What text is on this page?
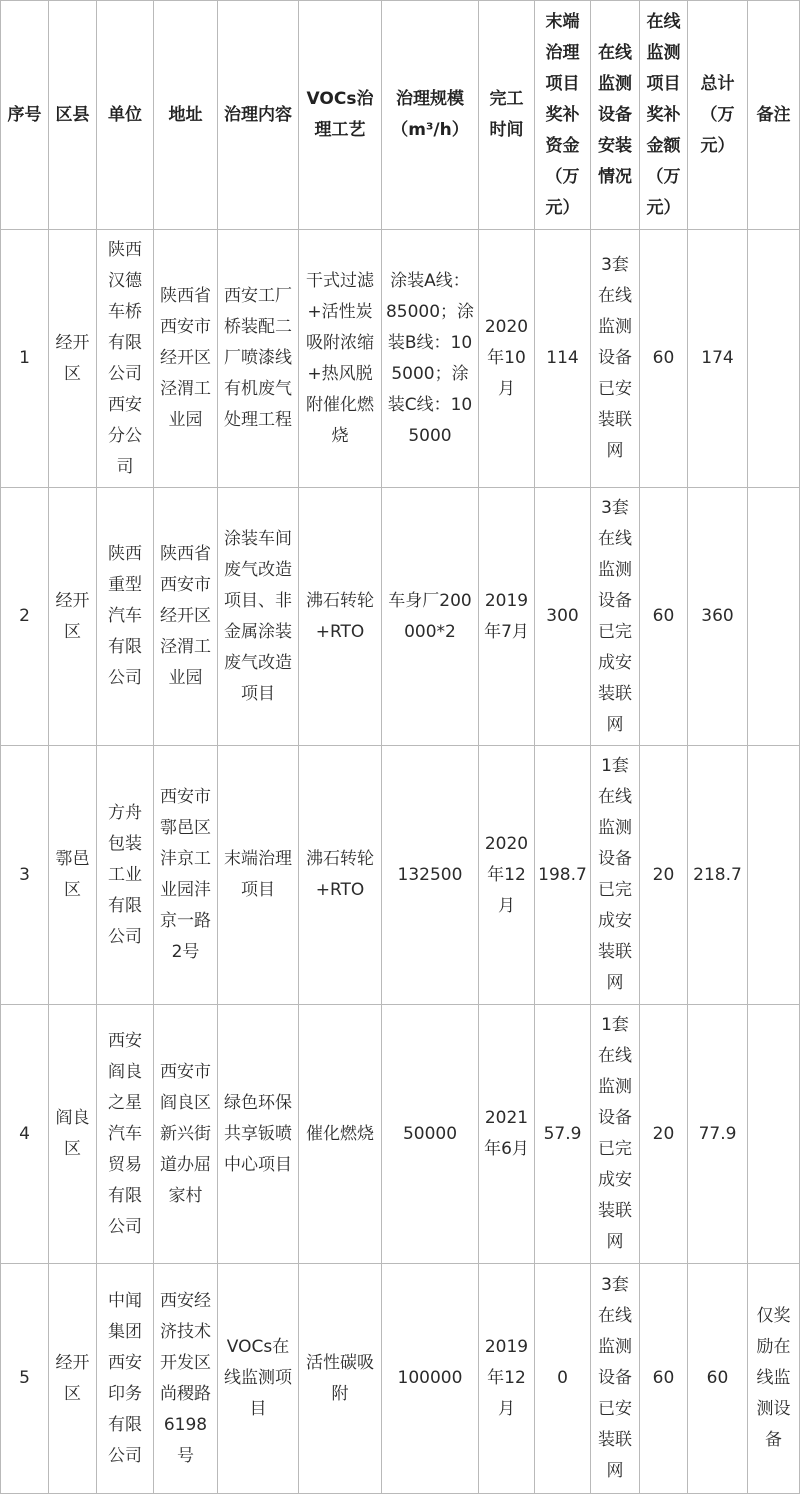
序号	区县	单位	地址	治理内容	VOCs治理工艺	治理规模（m³/h）	完工时间	末端治理项目奖补资金（万元）	在线监测设备安装情况	在线监测项目奖补金额（万元）	总计（万元）	备注
1	经开区	陕西汉德车桥有限公司西安分公司	陕西省西安市经开区泾渭工业园	西安工厂桥装配二厂喷漆线有机废气处理工程	干式过滤+活性炭吸附浓缩+热风脱附催化燃烧	涂装A线：85000；涂装B线：105000；涂装C线：105000	2020年10月	114	3套在线监测设备已安装联网	60	174	
2	经开区	陕西重型汽车有限公司	陕西省西安市经开区泾渭工业园	涂装车间废气改造项目、非金属涂装废气改造项目	沸石转轮+RTO	车身厂200000*2	2019年7月	300	3套在线监测设备已完成安装联网	60	360	
3	鄠邑区	方舟包装工业有限公司	西安市鄠邑区沣京工业园沣京一路2号	末端治理项目	沸石转轮+RTO	132500	2020年12月	198.7	1套在线监测设备已完成安装联网	20	218.7	
4	阎良区	西安阎良之星汽车贸易有限公司	西安市阎良区新兴街道办屈家村	绿色环保共享钣喷中心项目	催化燃烧	50000	2021年6月	57.9	1套在线监测设备已完成安装联网	20	77.9	
5	经开区	中闻集团西安印务有限公司	西安经济技术开发区尚稷路6198号	VOCs在线监测项目	活性碳吸附	100000	2019年12月	0	3套在线监测设备已安装联网	60	60	仅奖励在线监测设备
